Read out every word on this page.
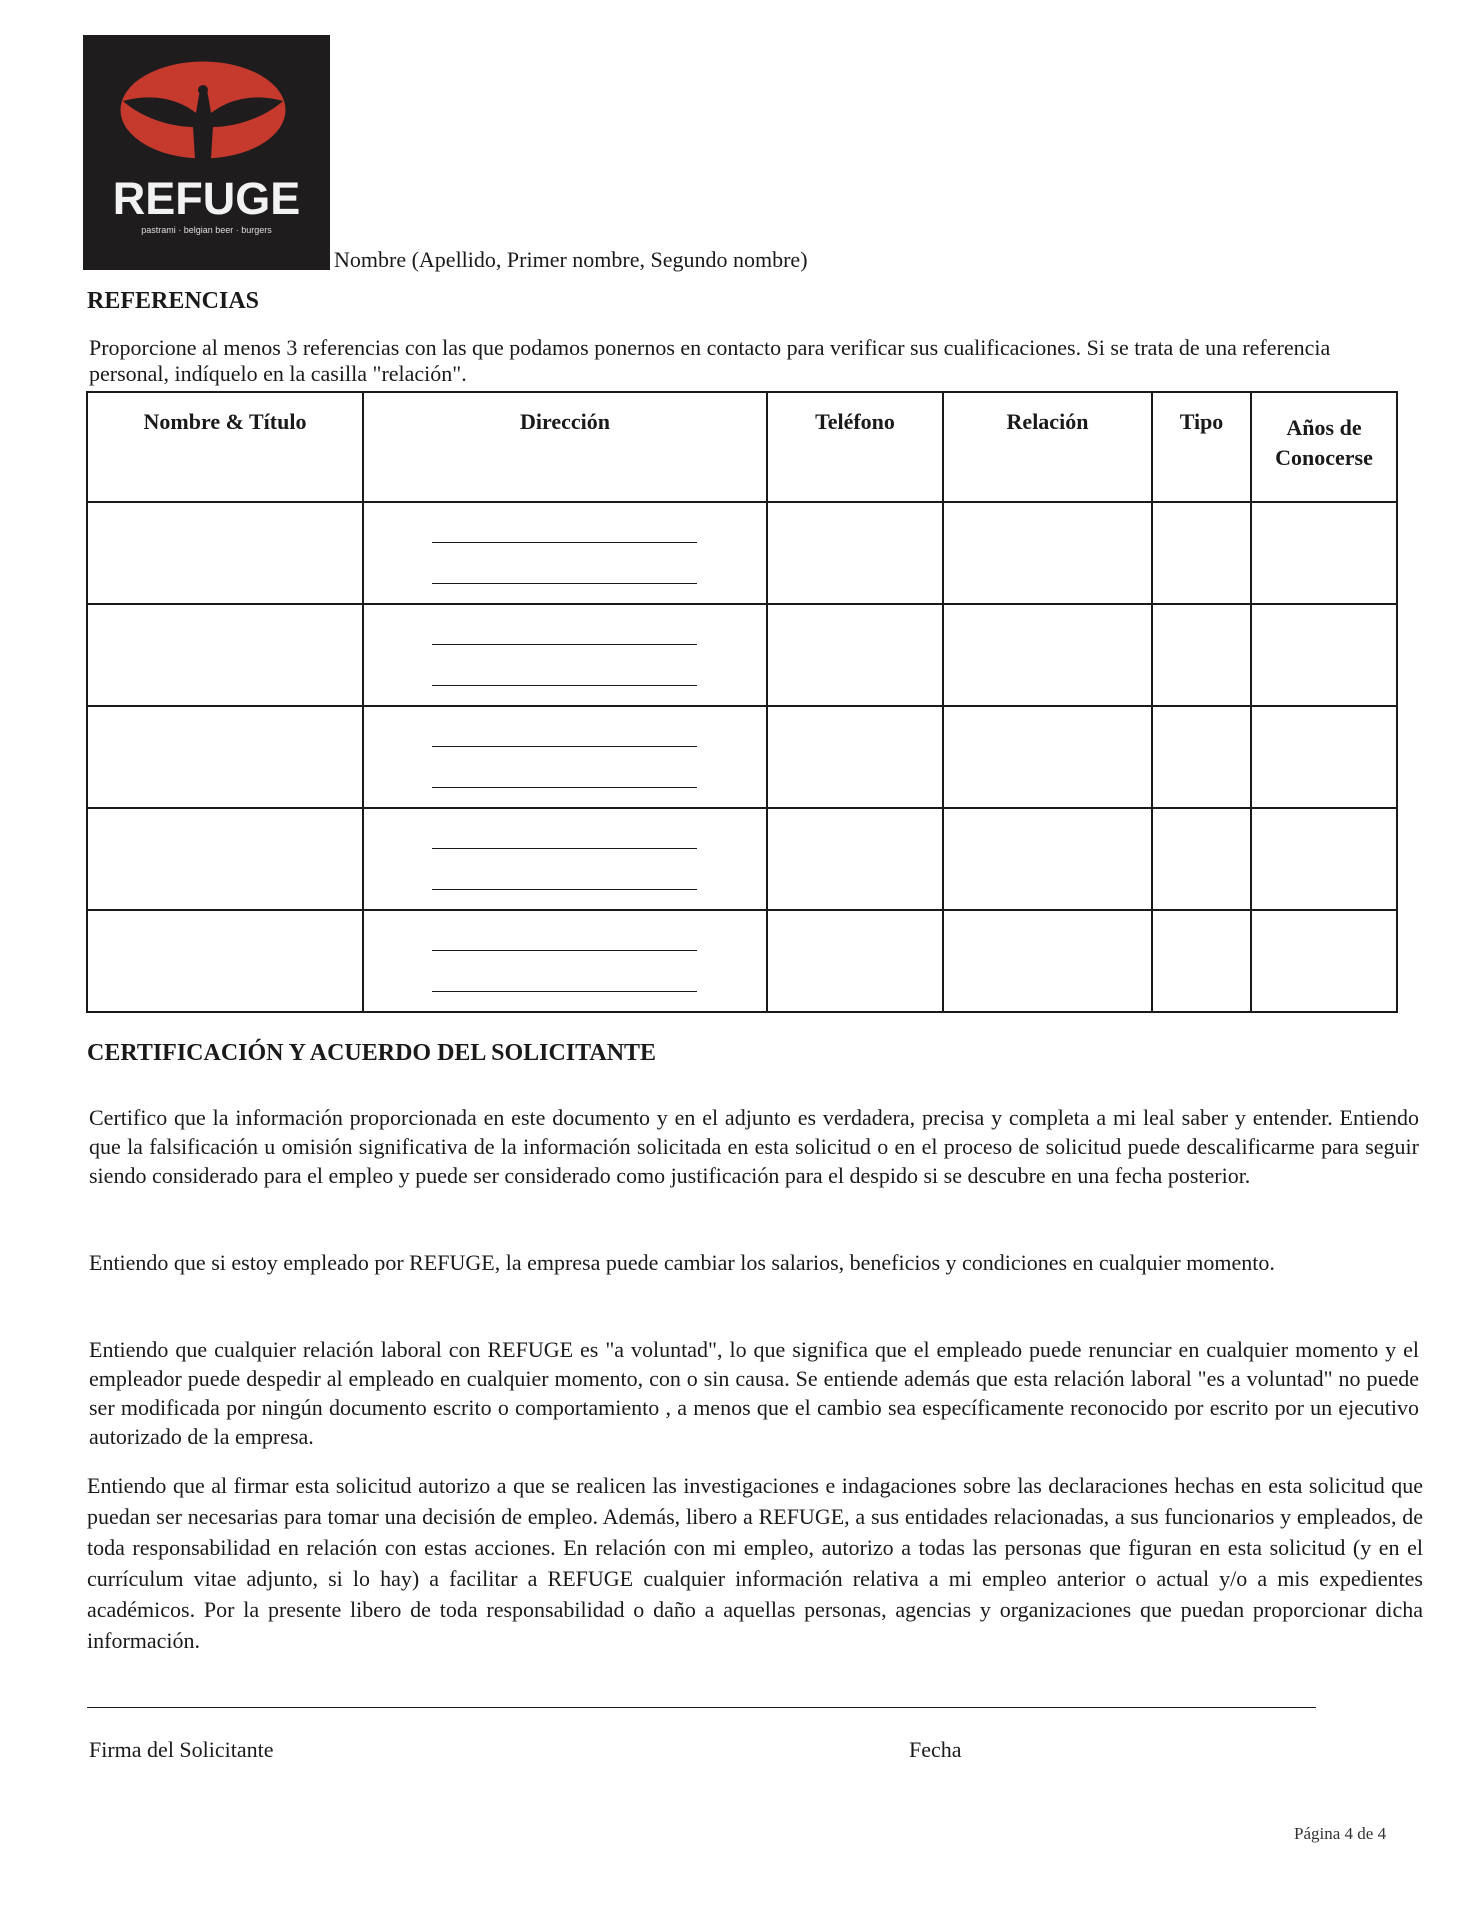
REFUGE
pastrami · belgian beer · burgers
Nombre (Apellido, Primer nombre, Segundo nombre)
REFERENCIAS
Proporcione al menos 3 referencias con las que podamos ponernos en contacto para verificar sus cualificaciones. Si se trata de una referencia personal, indíquelo en la casilla "relación".
Nombre & Título	Dirección	Teléfono	Relación	Tipo	Años de Conocerse

CERTIFICACIÓN Y ACUERDO DEL SOLICITANTE
Certifico que la información proporcionada en este documento y en el adjunto es verdadera, precisa y completa a mi leal saber y entender. Entiendo que la falsificación u omisión significativa de la información solicitada en esta solicitud o en el proceso de solicitud puede descalificarme para seguir siendo considerado para el empleo y puede ser considerado como justificación para el despido si se descubre en una fecha posterior.
Entiendo que si estoy empleado por REFUGE, la empresa puede cambiar los salarios, beneficios y condiciones en cualquier momento.
Entiendo que cualquier relación laboral con REFUGE es "a voluntad", lo que significa que el empleado puede renunciar en cualquier momento y el empleador puede despedir al empleado en cualquier momento, con o sin causa. Se entiende además que esta relación laboral "es a voluntad" no puede ser modificada por ningún documento escrito o comportamiento , a menos que el cambio sea específicamente reconocido por escrito por un ejecutivo autorizado de la empresa.
Entiendo que al firmar esta solicitud autorizo a que se realicen las investigaciones e indagaciones sobre las declaraciones hechas en esta solicitud que puedan ser necesarias para tomar una decisión de empleo. Además, libero a REFUGE, a sus entidades relacionadas, a sus funcionarios y empleados, de toda responsabilidad en relación con estas acciones. En relación con mi empleo, autorizo a todas las personas que figuran en esta solicitud (y en el currículum vitae adjunto, si lo hay) a facilitar a REFUGE cualquier información relativa a mi empleo anterior o actual y/o a mis expedientes académicos. Por la presente libero de toda responsabilidad o daño a aquellas personas, agencias y organizaciones que puedan proporcionar dicha información.
Firma del Solicitante	Fecha
Página 4 de 4
